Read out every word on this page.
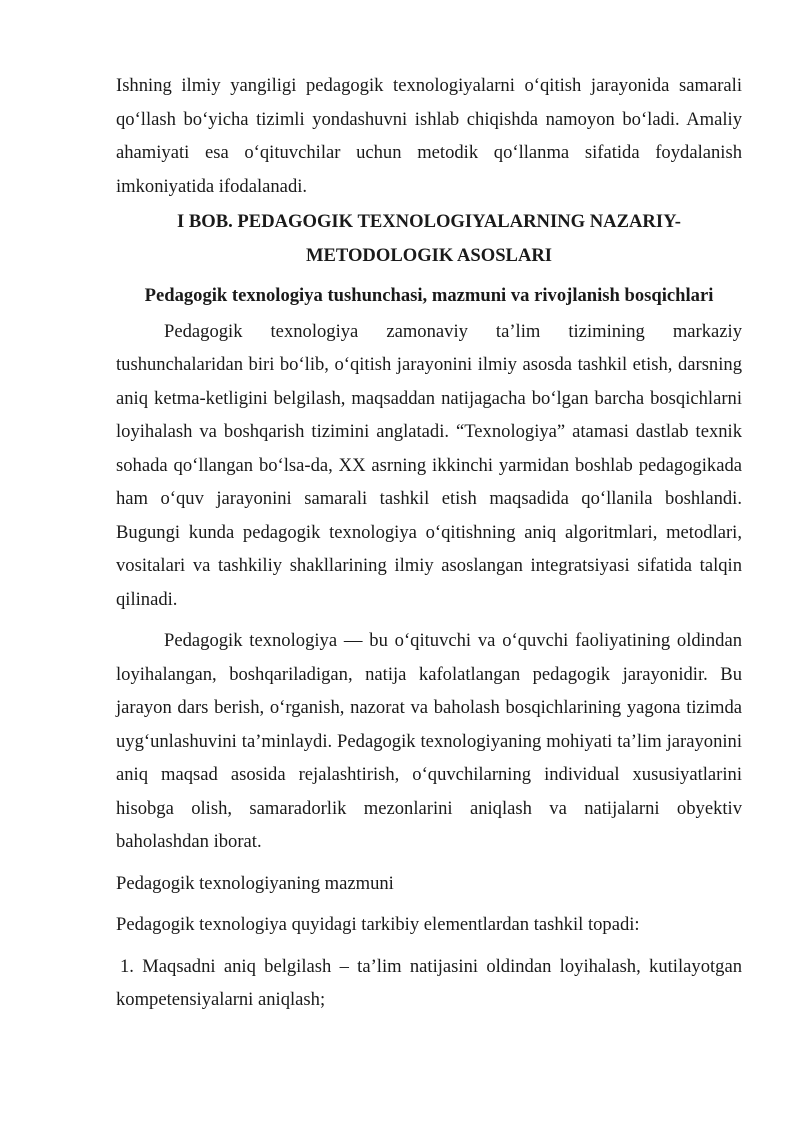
Ishning ilmiy yangiligi pedagogik texnologiyalarni o‘qitish jarayonida samarali qo‘llash bo‘yicha tizimli yondashuvni ishlab chiqishda namoyon bo‘ladi. Amaliy ahamiyati esa o‘qituvchilar uchun metodik qo‘llanma sifatida foydalanish imkoniyatida ifodalanadi.

I BOB. PEDAGOGIK TEXNOLOGIYALARNING NAZARIY-
METODOLOGIK ASOSLARI
Pedagogik texnologiya tushunchasi, mazmuni va rivojlanish bosqichlari

Pedagogik texnologiya zamonaviy ta’lim tizimining markaziy tushunchalaridan biri bo‘lib, o‘qitish jarayonini ilmiy asosda tashkil etish, darsning aniq ketma-ketligini belgilash, maqsaddan natijagacha bo‘lgan barcha bosqichlarni loyihalash va boshqarish tizimini anglatadi. “Texnologiya” atamasi dastlab texnik sohada qo‘llangan bo‘lsa-da, XX asrning ikkinchi yarmidan boshlab pedagogikada ham o‘quv jarayonini samarali tashkil etish maqsadida qo‘llanila boshlandi. Bugungi kunda pedagogik texnologiya o‘qitishning aniq algoritmlari, metodlari, vositalari va tashkiliy shakllarining ilmiy asoslangan integratsiyasi sifatida talqin qilinadi.

Pedagogik texnologiya — bu o‘qituvchi va o‘quvchi faoliyatining oldindan loyihalangan, boshqariladigan, natija kafolatlangan pedagogik jarayonidir. Bu jarayon dars berish, o‘rganish, nazorat va baholash bosqichlarining yagona tizimda uyg‘unlashuvini ta’minlaydi. Pedagogik texnologiyaning mohiyati ta’lim jarayonini aniq maqsad asosida rejalashtirish, o‘quvchilarning individual xususiyatlarini hisobga olish, samaradorlik mezonlarini aniqlash va natijalarni obyektiv baholashdan iborat.

Pedagogik texnologiyaning mazmuni

Pedagogik texnologiya quyidagi tarkibiy elementlardan tashkil topadi:

1. Maqsadni aniq belgilash – ta’lim natijasini oldindan loyihalash, kutilayotgan kompetensiyalarni aniqlash;
